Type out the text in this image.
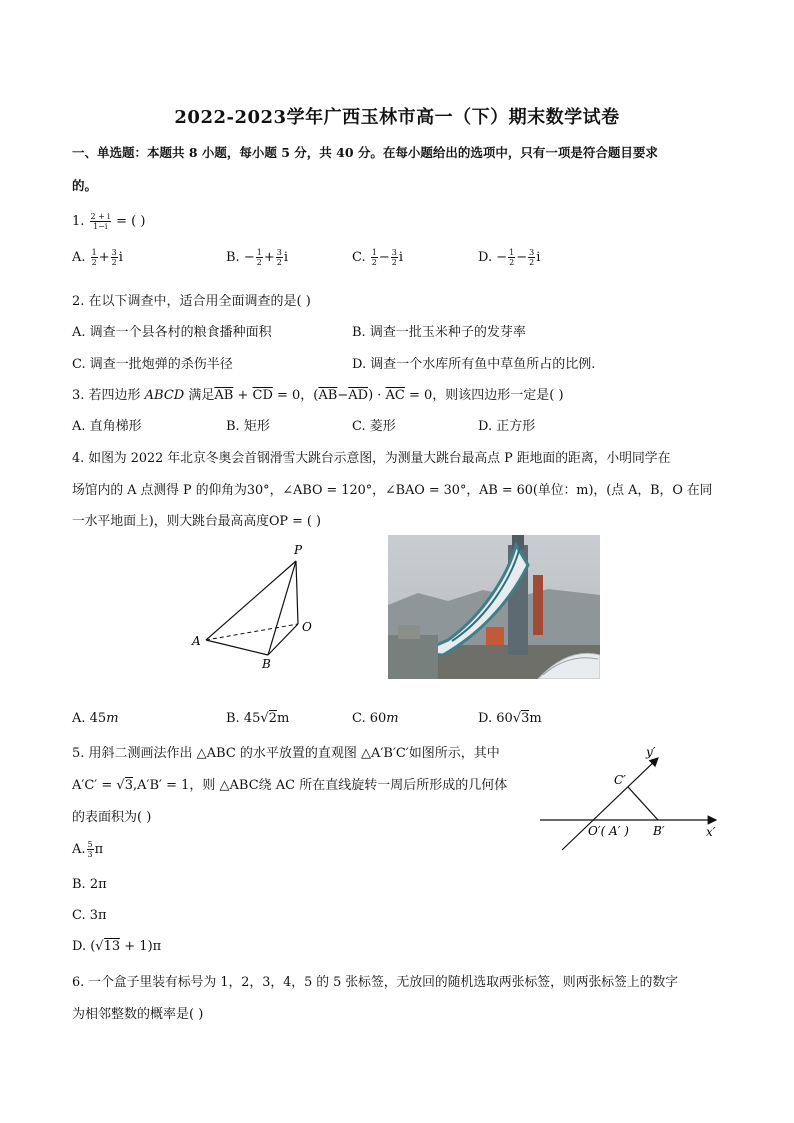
2022-2023学年广西玉林市高一（下）期末数学试卷
一、单选题：本题共 8 小题，每小题 5 分，共 40 分。在每小题给出的选项中，只有一项是符合题目要求
的。
1. $\frac{2 + i}{1-i}$ = ( )
A. $\frac{1}{2} + \frac{3}{2}$ i	B. − $\frac{1}{2} + \frac{3}{2}$ i	C. $\frac{1}{2} - \frac{3}{2}$ i	D. − $\frac{1}{2} - \frac{3}{2}$ i
2. 在以下调查中，适合用全面调查的是( )
A. 调查一个县各村的粮食播种面积	B. 调查一批玉米种子的发芽率
C. 调查一批炮弹的杀伤半径	D. 调查一个水库所有鱼中草鱼所占的比例.
3. 若四边形 ABCD 满足$\overline{AB} + \overline{CD} = 0$，$(\overline{AB}-\overline{AD}) \cdot \overline{AC} = 0$，则该四边形一定是( )
A. 直角梯形	B. 矩形	C. 菱形	D. 正方形
4. 如图为 2022 年北京冬奥会首钢滑雪大跳台示意图，为测量大跳台最高点 P 距地面的距离，小明同学在
场馆内的 A 点测得 P 的仰角为30°，∠ABO = 120°，∠BAO = 30°，AB = 60(单位：m)，(点 A，B，O 在同
一水平地面上)，则大跳台最高高度OP = ( )
P
A
B
O
A. 45m	B. 45√2m	C. 60m	D. 60√3m
5. 用斜二测画法作出 △ABC 的水平放置的直观图 △A′B′C′如图所示，其中
A′C′ = √3,A′B′ = 1，则 △ABC绕 AC 所在直线旋转一周后所形成的几何体
的表面积为( )
y′
x′
C′
O′( A′ ) B′
A. $\frac{5}{3}$ π
B. 2π
C. 3π
D. (√13 + 1)π
6. 一个盒子里装有标号为 1，2，3，4，5 的 5 张标签，无放回的随机选取两张标签，则两张标签上的数字
为相邻整数的概率是( )
